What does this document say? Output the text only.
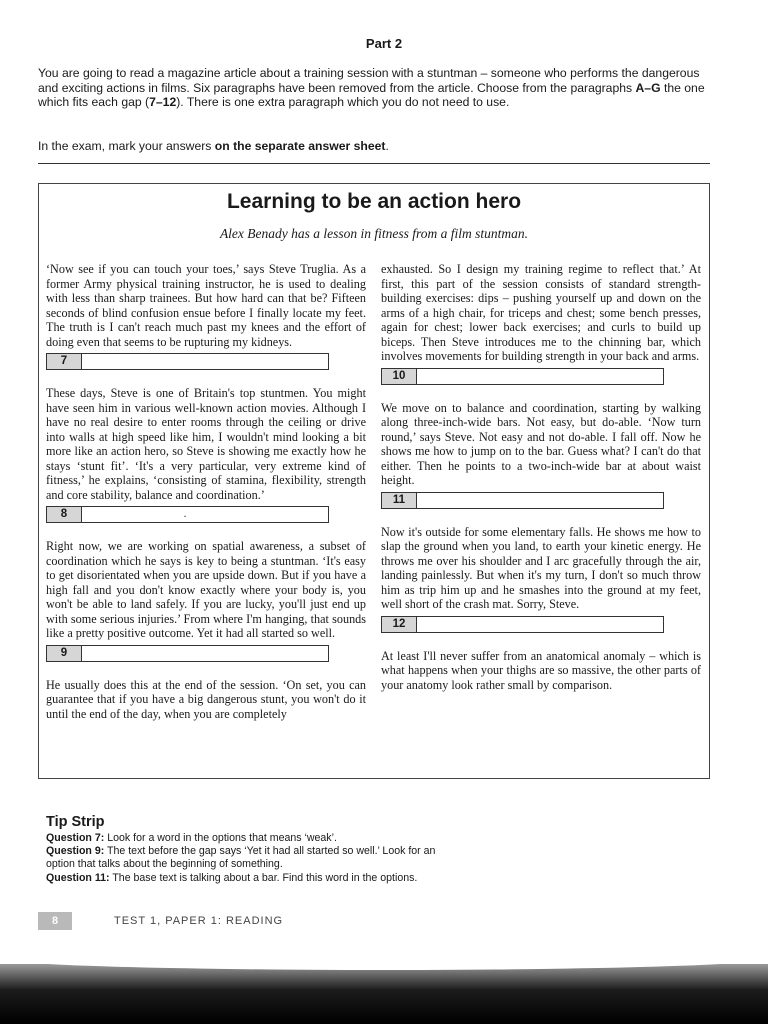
Part 2
You are going to read a magazine article about a training session with a stuntman – someone who performs the dangerous and exciting actions in films. Six paragraphs have been removed from the article. Choose from the paragraphs A–G the one which fits each gap (7–12). There is one extra paragraph which you do not need to use.
In the exam, mark your answers on the separate answer sheet.
Learning to be an action hero
Alex Benady has a lesson in fitness from a film stuntman.

‘Now see if you can touch your toes,’ says Steve Truglia. As a former Army physical training instructor, he is used to dealing with less than sharp trainees. But how hard can that be? Fifteen seconds of blind confusion ensue before I finally locate my feet. The truth is I can't reach much past my knees and the effort of doing even that seems to be rupturing my kidneys.

7

These days, Steve is one of Britain's top stuntmen. You might have seen him in various well-known action movies. Although I have no real desire to enter rooms through the ceiling or drive into walls at high speed like him, I wouldn't mind looking a bit more like an action hero, so Steve is showing me exactly how he stays ‘stunt fit’. ‘It's a very particular, very extreme kind of fitness,’ he explains, ‘consisting of stamina, flexibility, strength and core stability, balance and coordination.’

8	.

Right now, we are working on spatial awareness, a subset of coordination which he says is key to being a stuntman. ‘It's easy to get disorientated when you are upside down. But if you have a high fall and you don't know exactly where your body is, you won't be able to land safely. If you are lucky, you'll just end up with some serious injuries.’ From where I'm hanging, that sounds like a pretty positive outcome. Yet it had all started so well.

9

He usually does this at the end of the session. ‘On set, you can guarantee that if you have a big dangerous stunt, you won't do it until the end of the day, when you are completely

exhausted. So I design my training regime to reflect that.’ At first, this part of the session consists of standard strength-building exercises: dips – pushing yourself up and down on the arms of a high chair, for triceps and chest; some bench presses, again for chest; lower back exercises; and curls to build up biceps. Then Steve introduces me to the chinning bar, which involves movements for building strength in your back and arms.

10

We move on to balance and coordination, starting by walking along three-inch-wide bars. Not easy, but do-able. ‘Now turn round,’ says Steve. Not easy and not do-able. I fall off. Now he shows me how to jump on to the bar. Guess what? I can't do that either. Then he points to a two-inch-wide bar at about waist height.

11

Now it's outside for some elementary falls. He shows me how to slap the ground when you land, to earth your kinetic energy. He throws me over his shoulder and I arc gracefully through the air, landing painlessly. But when it's my turn, I don't so much throw him as trip him up and he smashes into the ground at my feet, well short of the crash mat. Sorry, Steve.

12

At least I'll never suffer from an anatomical anomaly – which is what happens when your thighs are so massive, the other parts of your anatomy look rather small by comparison.

Tip Strip
Question 7: Look for a word in the options that means ‘weak’.
Question 9: The text before the gap says ‘Yet it had all started so well.’ Look for an option that talks about the beginning of something.
Question 11: The base text is talking about a bar. Find this word in the options.
8	TEST 1, PAPER 1: READING
